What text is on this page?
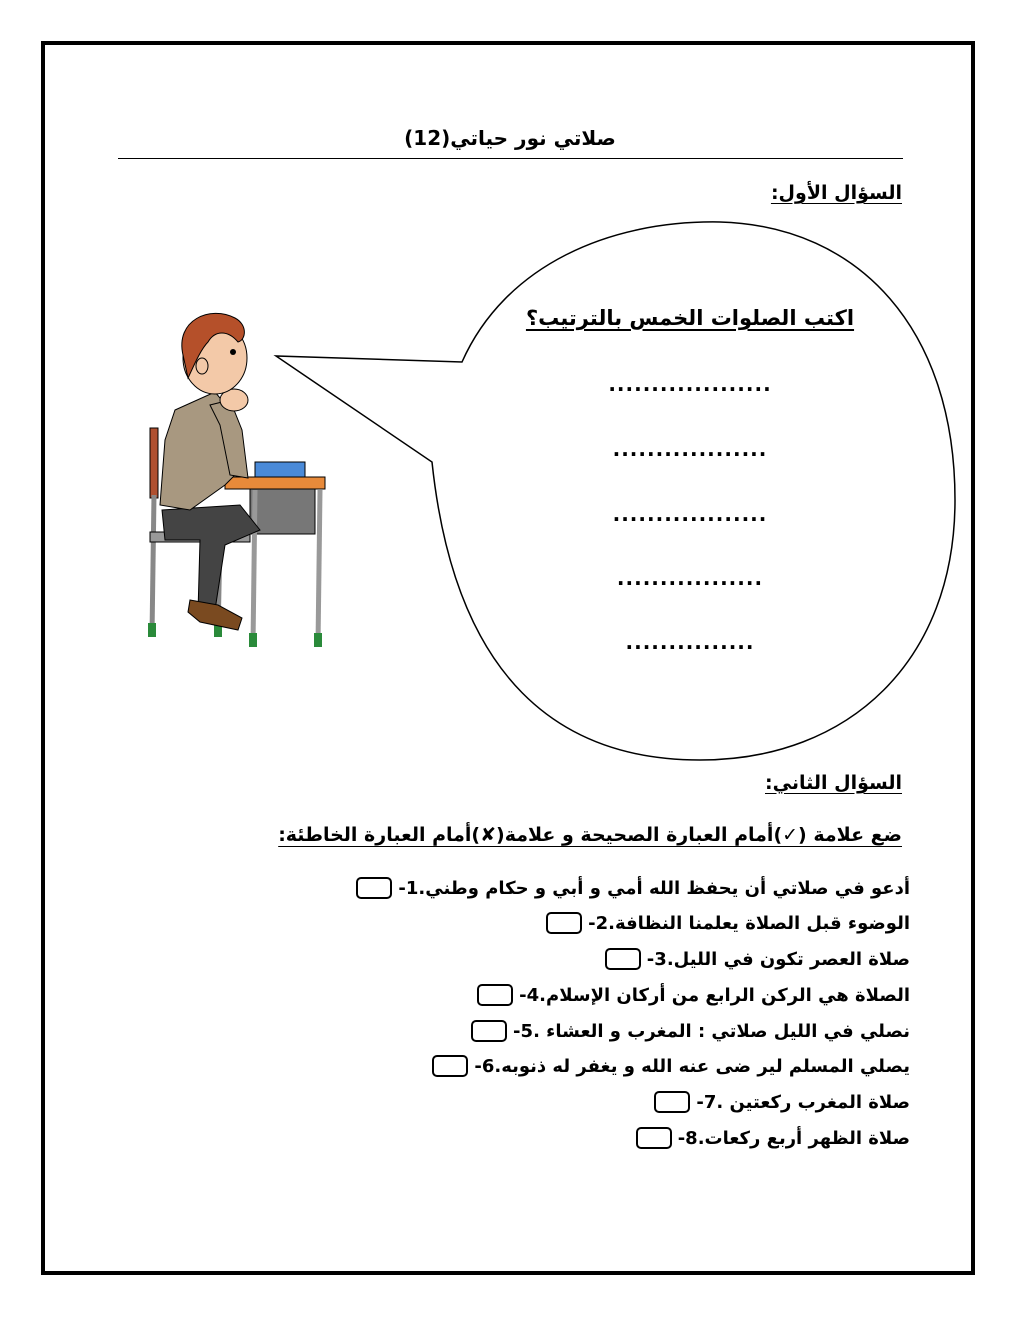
صلاتي نور حياتي(12)
السؤال الأول:
اكتب الصلوات الخمس بالترتيب؟
...................
..................
..................
.................
...............
السؤال الثاني:
ضع علامة (✓)أمام العبارة الصحيحة و علامة(✘)أمام العبارة الخاطئة:
1- أدعو في صلاتي أن يحفظ الله أمي و أبي و حكام وطني.
2- الوضوء قبل الصلاة يعلمنا النظافة.
3- صلاة العصر تكون في الليل.
4- الصلاة هي الركن الرابع من أركان الإسلام.
5- نصلي في الليل صلاتي : المغرب و العشاء .
6- يصلي المسلم لير ضى عنه الله و يغفر له ذنوبه.
7- صلاة المغرب ركعتين .
8- صلاة الظهر أربع ركعات.
